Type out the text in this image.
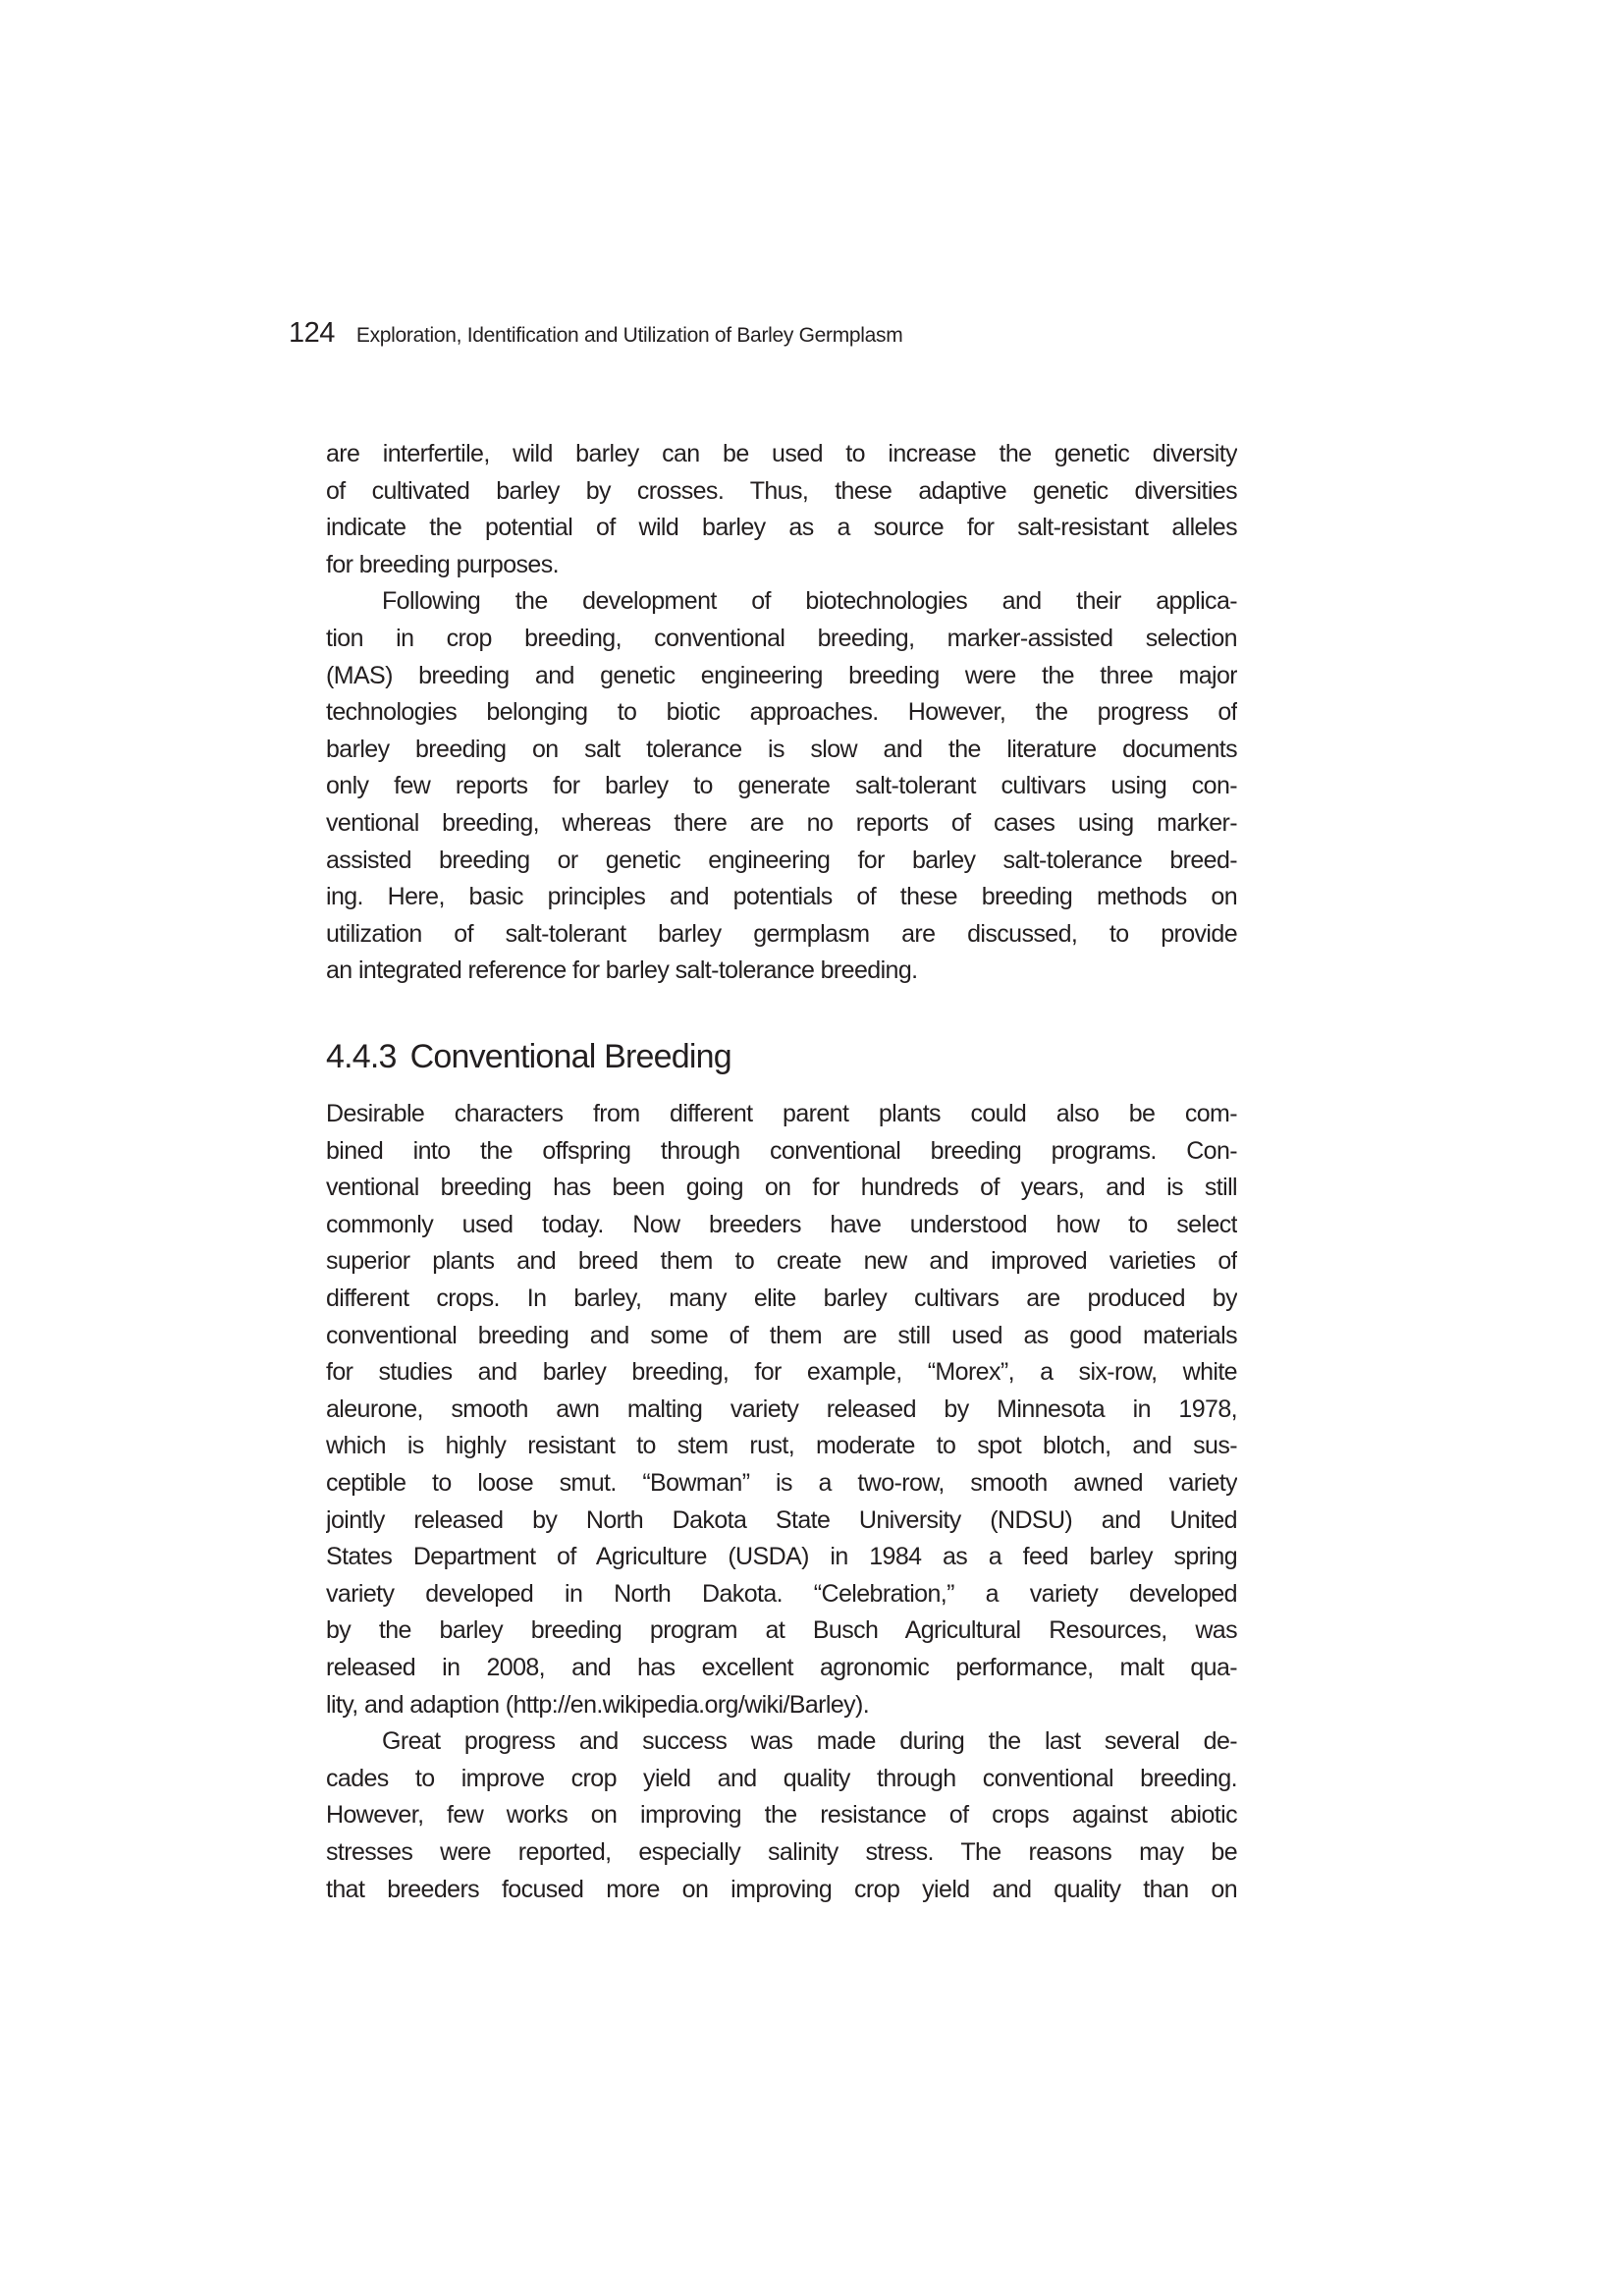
124 Exploration, Identification and Utilization of Barley Germplasm
are interfertile, wild barley can be used to increase the genetic diversity
of cultivated barley by crosses. Thus, these adaptive genetic diversities
indicate the potential of wild barley as a source for salt-resistant alleles
for breeding purposes.
Following the development of biotechnologies and their applica-
tion in crop breeding, conventional breeding, marker-assisted selection
(MAS) breeding and genetic engineering breeding were the three major
technologies belonging to biotic approaches. However, the progress of
barley breeding on salt tolerance is slow and the literature documents
only few reports for barley to generate salt-tolerant cultivars using con-
ventional breeding, whereas there are no reports of cases using marker-
assisted breeding or genetic engineering for barley salt-tolerance breed-
ing. Here, basic principles and potentials of these breeding methods on
utilization of salt-tolerant barley germplasm are discussed, to provide
an integrated reference for barley salt-tolerance breeding.
4.4.3 Conventional Breeding
Desirable characters from different parent plants could also be com-
bined into the offspring through conventional breeding programs. Con-
ventional breeding has been going on for hundreds of years, and is still
commonly used today. Now breeders have understood how to select
superior plants and breed them to create new and improved varieties of
different crops. In barley, many elite barley cultivars are produced by
conventional breeding and some of them are still used as good materials
for studies and barley breeding, for example, “Morex”, a six-row, white
aleurone, smooth awn malting variety released by Minnesota in 1978,
which is highly resistant to stem rust, moderate to spot blotch, and sus-
ceptible to loose smut. “Bowman” is a two-row, smooth awned variety
jointly released by North Dakota State University (NDSU) and United
States Department of Agriculture (USDA) in 1984 as a feed barley spring
variety developed in North Dakota. “Celebration,” a variety developed
by the barley breeding program at Busch Agricultural Resources, was
released in 2008, and has excellent agronomic performance, malt qua-
lity, and adaption (http://en.wikipedia.org/wiki/Barley).
Great progress and success was made during the last several de-
cades to improve crop yield and quality through conventional breeding.
However, few works on improving the resistance of crops against abiotic
stresses were reported, especially salinity stress. The reasons may be
that breeders focused more on improving crop yield and quality than on
